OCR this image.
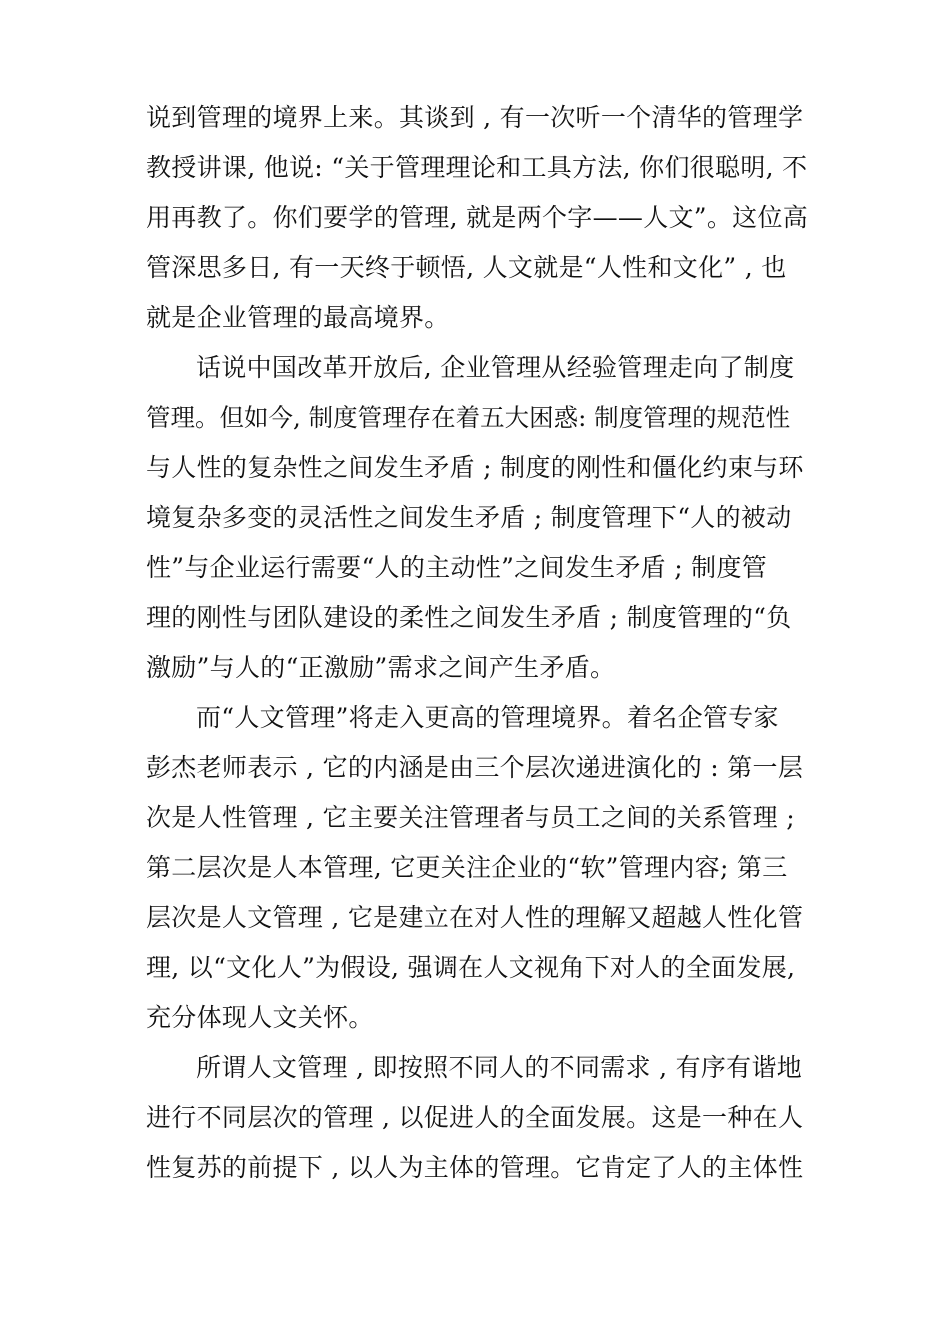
说到管理的境界上来。其谈到 , 有一次听一个清华的管理学
教授讲课, 他说: “关于管理理论和工具方法, 你们很聪明, 不
用再教了。你们要学的管理, 就是两个字——人文”。这位高
管深思多日, 有一天终于顿悟, 人文就是“人性和文化” , 也
就是企业管理的最高境界。
话说中国改革开放后, 企业管理从经验管理走向了制度
管理。但如今, 制度管理存在着五大困惑: 制度管理的规范性
与人性的复杂性之间发生矛盾 ; 制度的刚性和僵化约束与环
境复杂多变的灵活性之间发生矛盾 ; 制度管理下“人的被动
性”与企业运行需要“人的主动性”之间发生矛盾 ; 制度管
理的刚性与团队建设的柔性之间发生矛盾 ; 制度管理的“负
激励”与人的“正激励”需求之间产生矛盾。
而“人文管理”将走入更高的管理境界。着名企管专家
彭杰老师表示 , 它的内涵是由三个层次递进演化的 : 第一层
次是人性管理 , 它主要关注管理者与员工之间的关系管理 ;
第二层次是人本管理, 它更关注企业的“软”管理内容; 第三
层次是人文管理 , 它是建立在对人性的理解又超越人性化管
理, 以“文化人”为假设, 强调在人文视角下对人的全面发展,
充分体现人文关怀。
所谓人文管理 , 即按照不同人的不同需求 , 有序有谐地
进行不同层次的管理 , 以促进人的全面发展。这是一种在人
性复苏的前提下 , 以人为主体的管理。它肯定了人的主体性
